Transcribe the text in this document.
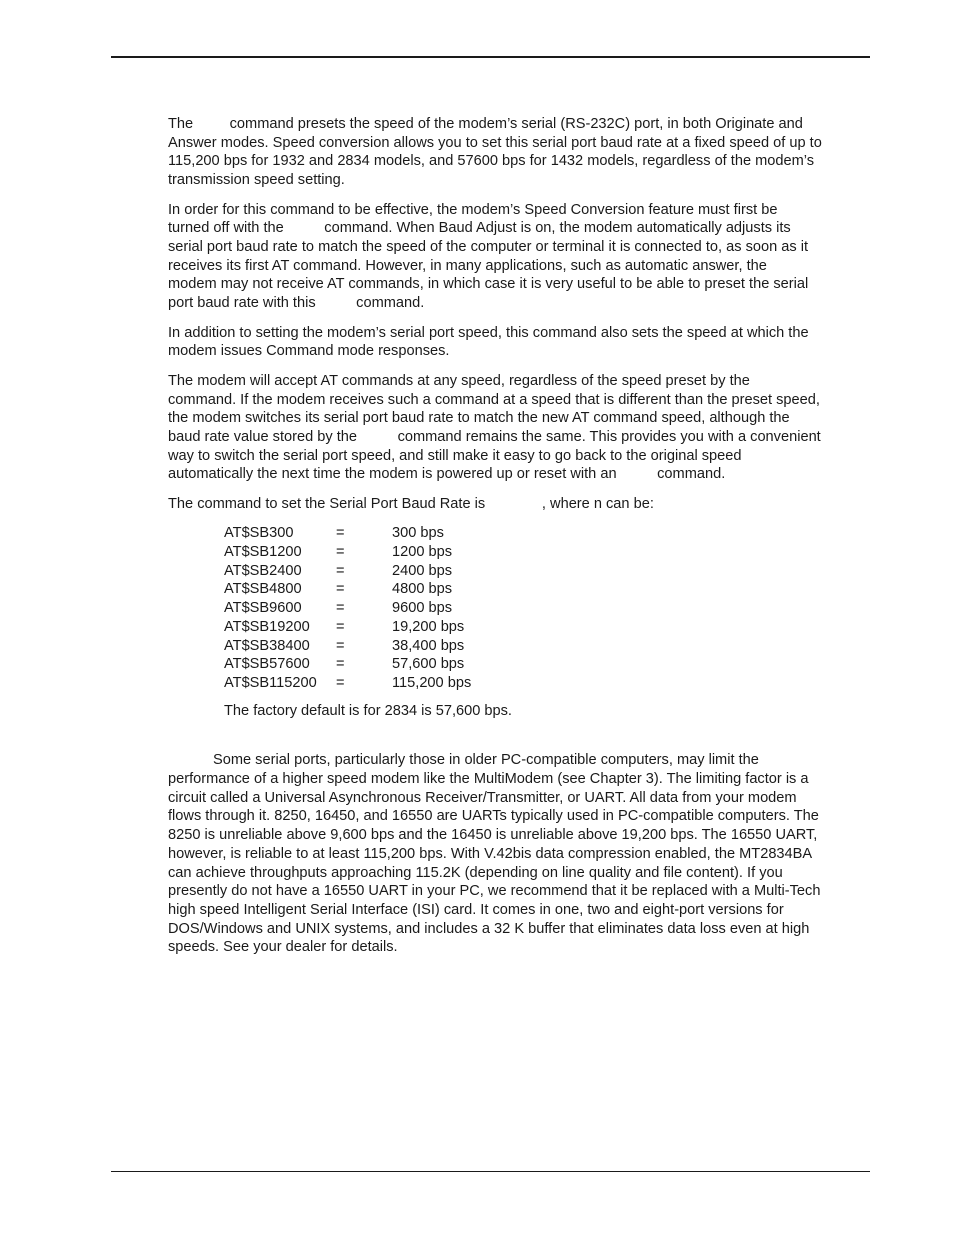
The         command presets the speed of the modem’s serial (RS-232C) port, in both Originate and
Answer modes. Speed conversion allows you to set this serial port baud rate at a fixed speed of up to
115,200 bps for 1932 and 2834 models, and 57600 bps for 1432 models, regardless of the modem’s
transmission speed setting.

In order for this command to be effective, the modem’s Speed Conversion feature must first be
turned off with the          command. When Baud Adjust is on, the modem automatically adjusts its
serial port baud rate to match the speed of the computer or terminal it is connected to, as soon as it
receives its first AT command. However, in many applications, such as automatic answer, the
modem may not receive AT commands, in which case it is very useful to be able to preset the serial
port baud rate with this          command.

In addition to setting the modem’s serial port speed, this command also sets the speed at which the
modem issues Command mode responses.

The modem will accept AT commands at any speed, regardless of the speed preset by the
command. If the modem receives such a command at a speed that is different than the preset speed,
the modem switches its serial port baud rate to match the new AT command speed, although the
baud rate value stored by the          command remains the same. This provides you with a convenient
way to switch the serial port speed, and still make it easy to go back to the original speed
automatically the next time the modem is powered up or reset with an          command.

The command to set the Serial Port Baud Rate is              , where n can be:

AT$SB300	=	300 bps
AT$SB1200	=	1200 bps
AT$SB2400	=	2400 bps
AT$SB4800	=	4800 bps
AT$SB9600	=	9600 bps
AT$SB19200	=	19,200 bps
AT$SB38400	=	38,400 bps
AT$SB57600	=	57,600 bps
AT$SB115200	=	115,200 bps

The factory default is for 2834 is 57,600 bps.

Some serial ports, particularly those in older PC-compatible computers, may limit the
performance of a higher speed modem like the MultiModem (see Chapter 3). The limiting factor is a
circuit called a Universal Asynchronous Receiver/Transmitter, or UART. All data from your modem
flows through it. 8250, 16450, and 16550 are UARTs typically used in PC-compatible computers. The
8250 is unreliable above 9,600 bps and the 16450 is unreliable above 19,200 bps. The 16550 UART,
however, is reliable to at least 115,200 bps. With V.42bis data compression enabled, the MT2834BA
can achieve throughputs approaching 115.2K (depending on line quality and file content). If you
presently do not have a 16550 UART in your PC, we recommend that it be replaced with a Multi-Tech
high speed Intelligent Serial Interface (ISI) card. It comes in one, two and eight-port versions for
DOS/Windows and UNIX systems, and includes a 32 K buffer that eliminates data loss even at high
speeds. See your dealer for details.
